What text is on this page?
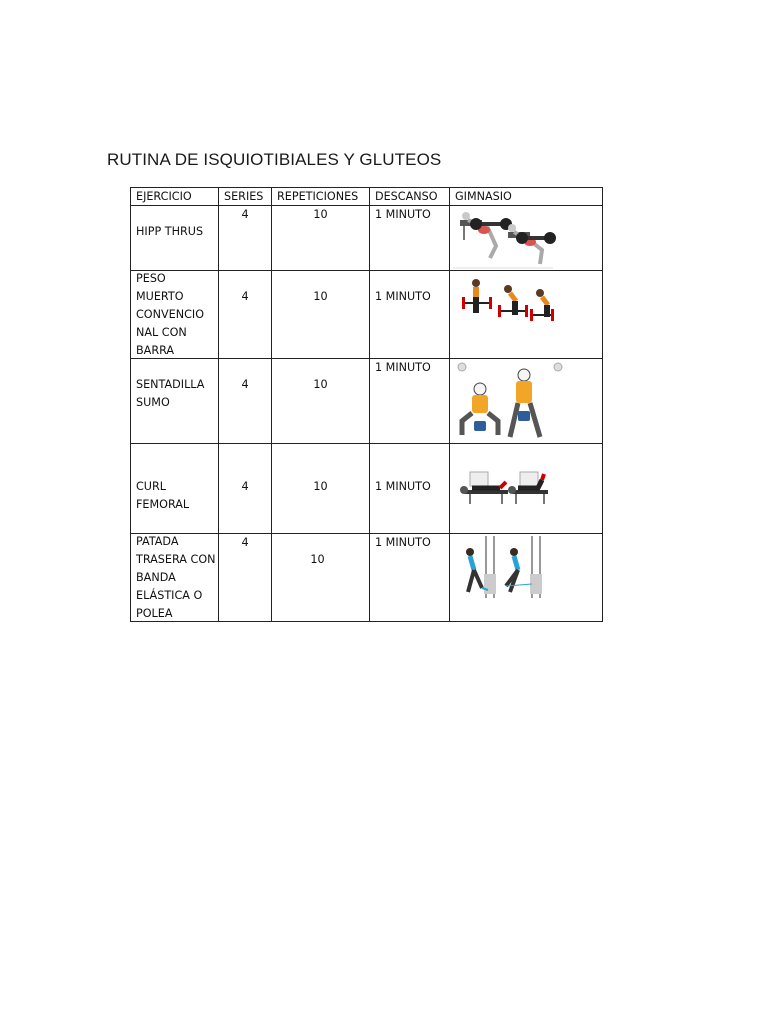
RUTINA DE ISQUIOTIBIALES Y GLUTEOS
EJERCICIO	SERIES	REPETICIONES	DESCANSO	GIMNASIO

HIPP THRUS	4	10	1 MINUTO

PESO MUERTO CONVENCIO NAL CON BARRA	4	10	1 MINUTO

SENTADILLA SUMO	4	10	1 MINUTO

CURL FEMORAL	4	10	1 MINUTO

PATADA TRASERA CON BANDA ELÁSTICA O POLEA	4	10	1 MINUTO
